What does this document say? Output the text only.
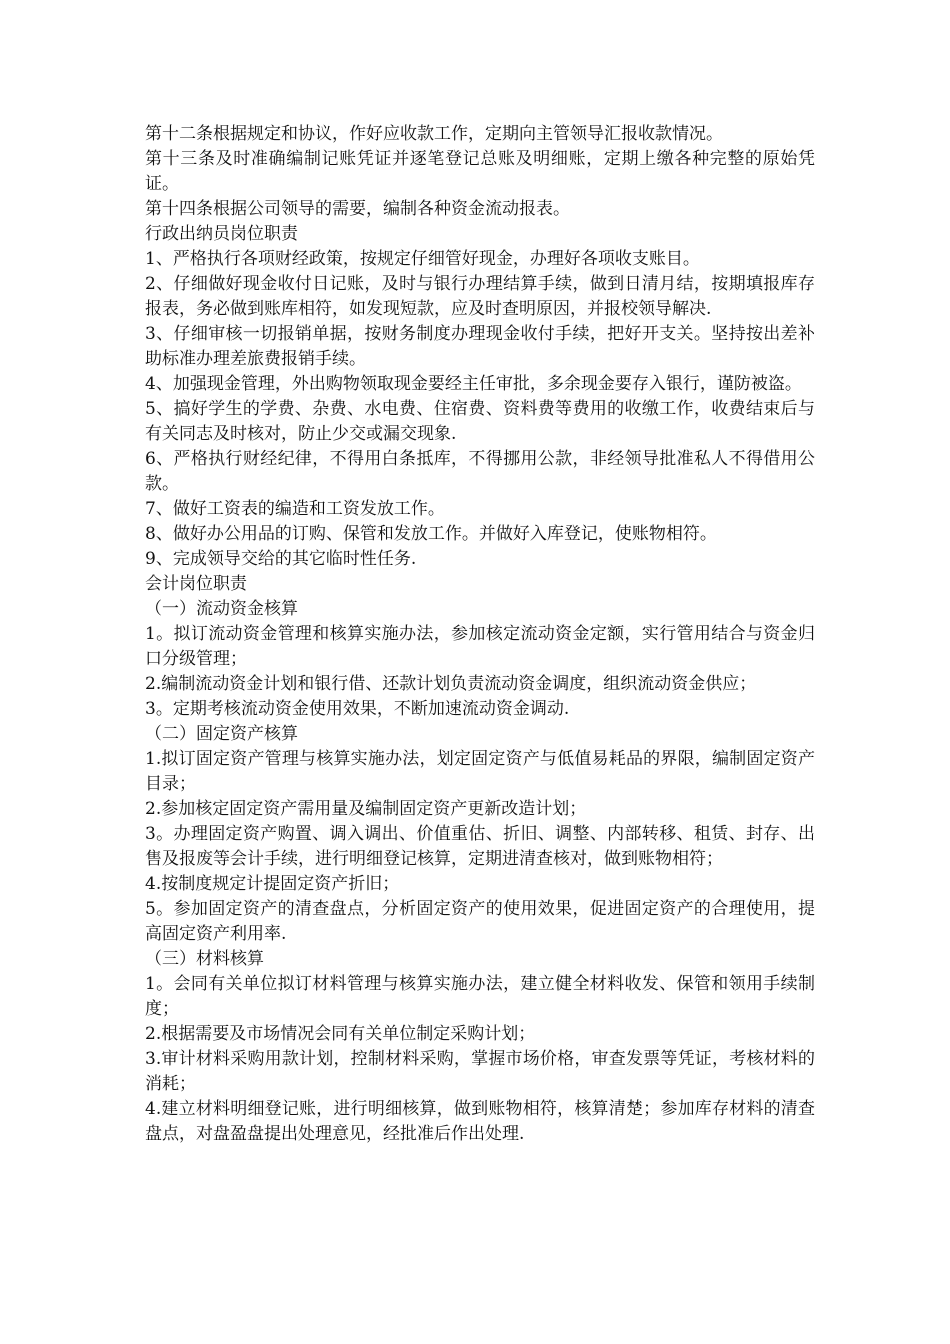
第十二条根据规定和协议，作好应收款工作，定期向主管领导汇报收款情况。

第十三条及时准确编制记账凭证并逐笔登记总账及明细账，定期上缴各种完整的原始凭证。

第十四条根据公司领导的需要，编制各种资金流动报表。

行政出纳员岗位职责

1、严格执行各项财经政策，按规定仔细管好现金，办理好各项收支账目。

2、仔细做好现金收付日记账，及时与银行办理结算手续，做到日清月结，按期填报库存报表，务必做到账库相符，如发现短款，应及时查明原因，并报校领导解决.

3、仔细审核一切报销单据，按财务制度办理现金收付手续，把好开支关。坚持按出差补助标准办理差旅费报销手续。

4、加强现金管理，外出购物领取现金要经主任审批，多余现金要存入银行，谨防被盗。

5、搞好学生的学费、杂费、水电费、住宿费、资料费等费用的收缴工作，收费结束后与有关同志及时核对，防止少交或漏交现象.

6、严格执行财经纪律，不得用白条抵库，不得挪用公款，非经领导批准私人不得借用公款。

7、做好工资表的编造和工资发放工作。

8、做好办公用品的订购、保管和发放工作。并做好入库登记，使账物相符。

9、完成领导交给的其它临时性任务.

会计岗位职责

（一）流动资金核算

1。拟订流动资金管理和核算实施办法，参加核定流动资金定额，实行管用结合与资金归口分级管理；

2.编制流动资金计划和银行借、还款计划负责流动资金调度，组织流动资金供应；

3。定期考核流动资金使用效果，不断加速流动资金调动.

（二）固定资产核算

1.拟订固定资产管理与核算实施办法，划定固定资产与低值易耗品的界限，编制固定资产目录；

2.参加核定固定资产需用量及编制固定资产更新改造计划；

3。办理固定资产购置、调入调出、价值重估、折旧、调整、内部转移、租赁、封存、出售及报废等会计手续，进行明细登记核算，定期进清查核对，做到账物相符；

4.按制度规定计提固定资产折旧；

5。参加固定资产的清查盘点，分析固定资产的使用效果，促进固定资产的合理使用，提高固定资产利用率.

（三）材料核算

1。会同有关单位拟订材料管理与核算实施办法，建立健全材料收发、保管和领用手续制度；

2.根据需要及市场情况会同有关单位制定采购计划；

3.审计材料采购用款计划，控制材料采购，掌握市场价格，审查发票等凭证，考核材料的消耗；

4.建立材料明细登记账，进行明细核算，做到账物相符，核算清楚；参加库存材料的清查盘点，对盘盈盘提出处理意见，经批准后作出处理.
